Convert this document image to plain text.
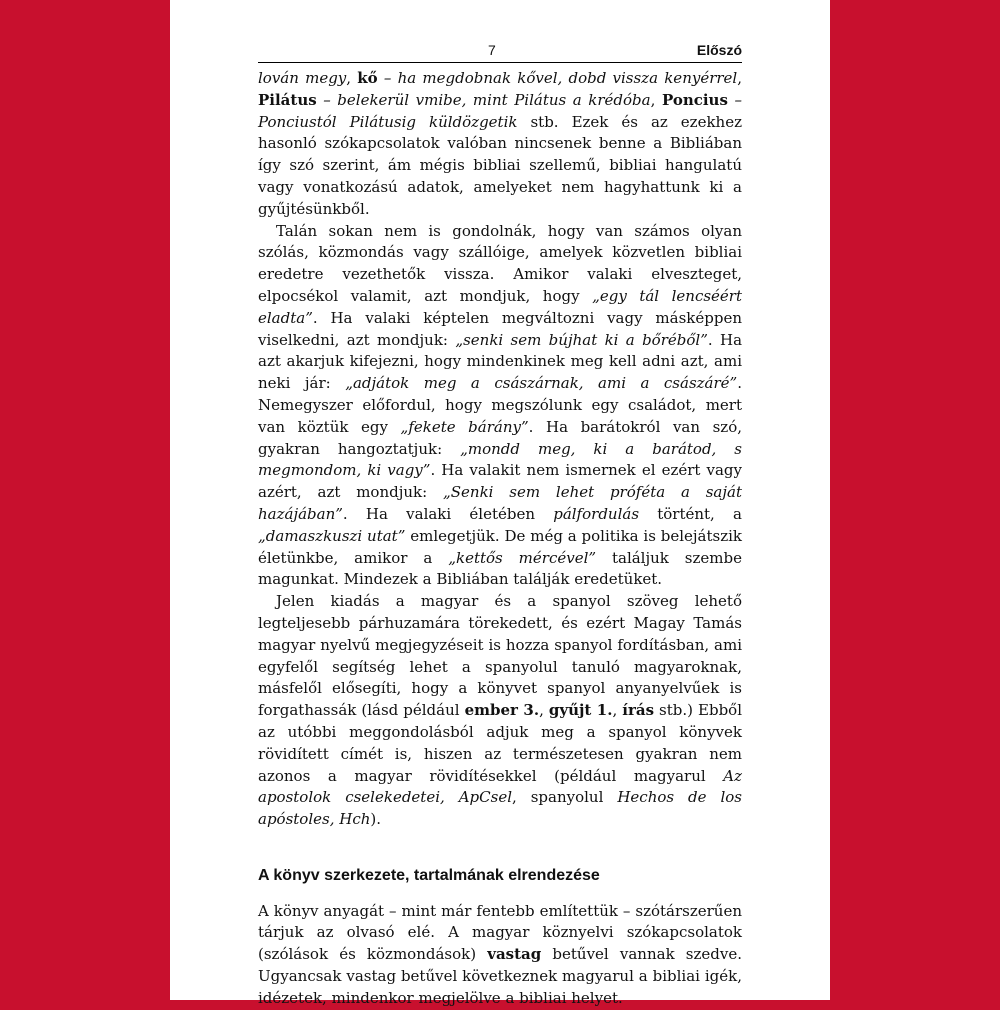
7	Előszó

lován megy, kő – ha megdobnak kővel, dobd vissza kenyérrel, Pilátus – belekerül vmibe, mint Pilátus a krédóba, Poncius – Ponciustól Pilátusig küldözgetik stb. Ezek és az ezekhez hasonló szókapcsolatok valóban nincsenek benne a Bibliában így szó szerint, ám mégis bibliai szellemű, bibliai hangulatú vagy vonatkozású adatok, amelyeket nem hagyhattunk ki a gyűjtésünkből.

Talán sokan nem is gondolnák, hogy van számos olyan szólás, közmondás vagy szállóige, amelyek közvetlen bibliai eredetre vezethetők vissza. Amikor valaki elveszteget, elpocsékol valamit, azt mondjuk, hogy „egy tál lencséért eladta”. Ha valaki képtelen megváltozni vagy másképpen viselkedni, azt mondjuk: „senki sem bújhat ki a bőréből”. Ha azt akarjuk kifejezni, hogy mindenkinek meg kell adni azt, ami neki jár: „adjátok meg a császárnak, ami a császáré”. Nemegyszer előfordul, hogy megszólunk egy családot, mert van köztük egy „fekete bárány”. Ha barátokról van szó, gyakran hangoztatjuk: „mondd meg, ki a barátod, s megmondom, ki vagy”. Ha valakit nem ismernek el ezért vagy azért, azt mondjuk: „Senki sem lehet próféta a saját hazájában”. Ha valaki életében pálfordulás történt, a „damaszkuszi utat” emlegetjük. De még a politika is belejátszik életünkbe, amikor a „kettős mércével” találjuk szembe magunkat. Mindezek a Bibliában találják eredetüket.

Jelen kiadás a magyar és a spanyol szöveg lehető legteljesebb párhuzamára törekedett, és ezért Magay Tamás magyar nyelvű megjegyzéseit is hozza spanyol fordításban, ami egyfelől segítség lehet a spanyolul tanuló magyaroknak, másfelől elősegíti, hogy a könyvet spanyol anyanyelvűek is forgathassák (lásd például ember 3., gyűjt 1., írás stb.) Ebből az utóbbi meggondolásból adjuk meg a spanyol könyvek rövidített címét is, hiszen az természetesen gyakran nem azonos a magyar rövidítésekkel (például magyarul Az apostolok cselekedetei, ApCsel, spanyolul Hechos de los apóstoles, Hch).

A könyv szerkezete, tartalmának elrendezése

A könyv anyagát – mint már fentebb említettük – szótárszerűen tárjuk az olvasó elé. A magyar köznyelvi szókapcsolatok (szólások és közmondások) vastag betűvel vannak szedve. Ugyancsak vastag betűvel következnek magyarul a bibliai igék, idézetek, mindenkor megjelölve a bibliai helyet.
